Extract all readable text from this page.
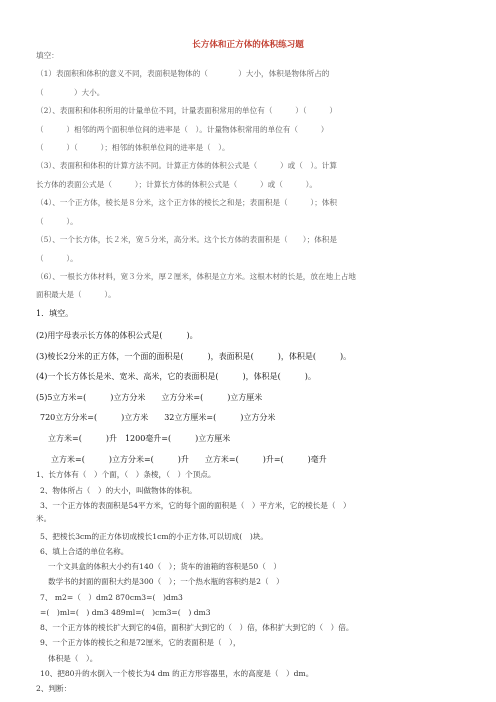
长方体和正方体的体积练习题
填空：
（1）表面积和体积的意义不同，表面积是物体的（　　　　）大小，体积是物体所占的
（　　　　）大小。
（2）、表面积和体积所用的计量单位不同，计量表面积常用的单位有（　　　）（　　　）
（　　　）相邻的两个面积单位间的进率是（　）。计量物体积常用的单位有（　　　）
（　　　）（　　　）；相邻的体积单位间的进率是（　）。
（3）、表面积和体积的计算方法不同。计算正方体的体积公式是（　　　）或（　）。计算
长方体的表面公式是（　　　）；计算长方体的体积公式是（　　　）或（　　　）。
（4）、一个正方体，棱长是８分米，这个正方体的棱长之和是；表面积是（　　　）；体积
（　　　）。
（5）、一个长方体，长２米，宽５分米，高分米。这个长方体的表面积是（　　）；体积是
（　　　）。
（6）、一根长方体材料，宽３分米，厚２厘米，体积是立方米。这根木材的长是，放在地上占地
面积最大是（　　　）。
1．填空。
(2)用字母表示长方体的体积公式是(　　　)。
(3)棱长2分米的正方体，一个面的面积是(　　　)，表面积是(　　　)，体积是(　　　)。
(4)一个长方体长是米、宽米、高米，它的表面积是(　　　)，体积是(　　　)。
(5)5立方米=(　　　)立方分米　　立方分米=(　　　)立方厘米
720立方分米=(　　　)立方米　　32立方厘米=(　　　)立方分米
立方米=(　　　)升　1200毫升=(　　　)立方厘米
立方米=(　　　)立方分米=(　　　)升　　立方米=(　　　)升=(　　　)毫升
1、长方体有（　）个面，（　）条棱，（　）个顶点。
2、物体所占（　）的大小，叫做物体的体积。
3、一个正方体的表面积是54平方米，它的每个面的面积是（　）平方米，它的棱长是（　）
米。
5、把棱长3cm的正方体切成棱长1cm的小正方体,可以切成(　)块。
6、填上合适的单位名称。
一个文具盒的体积大小约有140（　）；货车的油箱的容积是50（　）
数学书的封面的面积大约是300（　）；一个热水瓶的容积约是2（　）
7、 m2=（　）dm2 870cm3=(　)dm3
=(　)ml=(　) dm3 489ml=(　)cm3=(　) dm3
8、一个正方体的棱长扩大到它的4倍，面积扩大到它的（　）倍，体积扩大到它的（　）倍。
9、一个正方体的棱长之和是72厘米，它的表面积是（　），
体积是（　）。
10、把80升的水倒入一个棱长为4 dm 的正方形容器里，水的高度是（　）dm。
2、判断：
